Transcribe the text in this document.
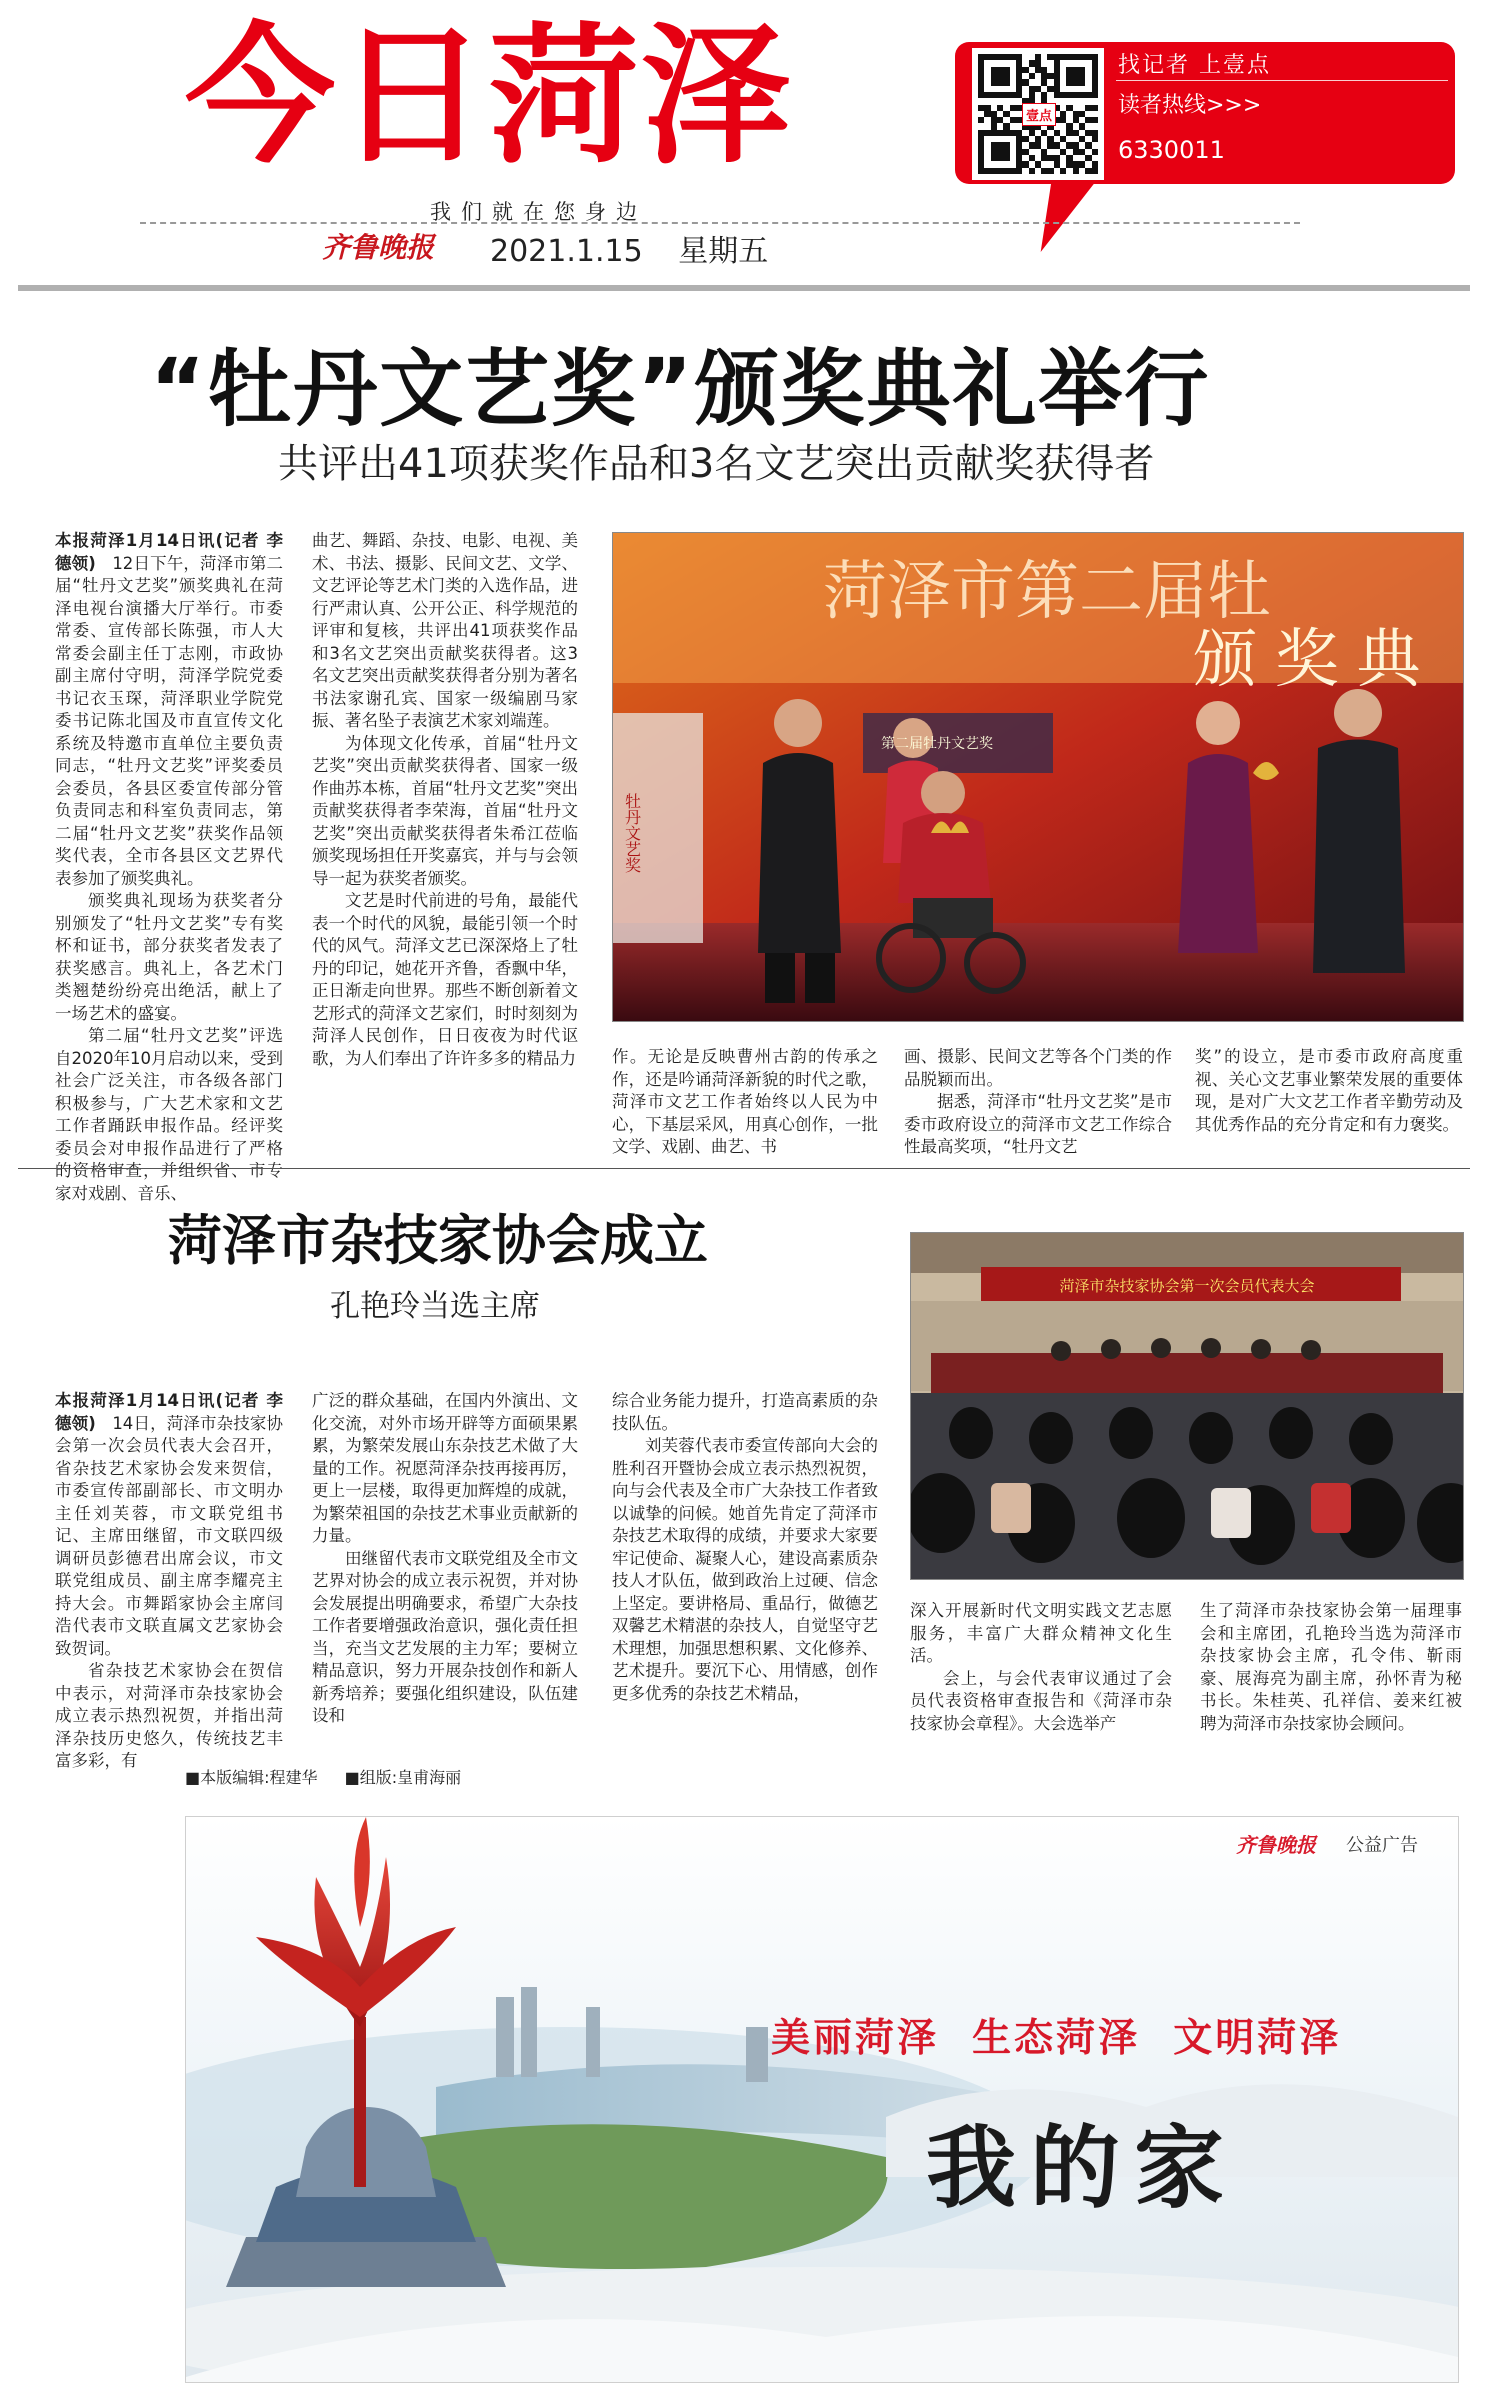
今日菏泽	壹点
找记者 上壹点
读者热线>>>
6330011
我们就在您身边
齐鲁晚报 2021.1.15 星期五
“牡丹文艺奖”颁奖典礼举行
共评出41项获奖作品和3名文艺突出贡献奖获得者

本报菏泽1月14日讯(记者 李德领) 12日下午，菏泽市第二届“牡丹文艺奖”颁奖典礼在菏泽电视台演播大厅举行。市委常委、宣传部长陈强，市人大常委会副主任丁志刚，市政协副主席付守明，菏泽学院党委书记衣玉琛，菏泽职业学院党委书记陈北国及市直宣传文化系统及特邀市直单位主要负责同志，“牡丹文艺奖”评奖委员会委员，各县区委宣传部分管负责同志和科室负责同志，第二届“牡丹文艺奖”获奖作品领奖代表，全市各县区文艺界代表参加了颁奖典礼。

颁奖典礼现场为获奖者分别颁发了“牡丹文艺奖”专有奖杯和证书，部分获奖者发表了获奖感言。典礼上，各艺术门类翘楚纷纷亮出绝活，献上了一场艺术的盛宴。

第二届“牡丹文艺奖”评选自2020年10月启动以来，受到社会广泛关注，市各级各部门积极参与，广大艺术家和文艺工作者踊跃申报作品。经评奖委员会对申报作品进行了严格的资格审查，并组织省、市专家对戏剧、音乐、

曲艺、舞蹈、杂技、电影、电视、美术、书法、摄影、民间文艺、文学、文艺评论等艺术门类的入选作品，进行严肃认真、公开公正、科学规范的评审和复核，共评出41项获奖作品和3名文艺突出贡献奖获得者。这3名文艺突出贡献奖获得者分别为著名书法家谢孔宾、国家一级编剧马家振、著名坠子表演艺术家刘端莲。

为体现文化传承，首届“牡丹文艺奖”突出贡献奖获得者、国家一级作曲苏本栋，首届“牡丹文艺奖”突出贡献奖获得者李荣海，首届“牡丹文艺奖”突出贡献奖获得者朱希江莅临颁奖现场担任开奖嘉宾，并与与会领导一起为获奖者颁奖。

文艺是时代前进的号角，最能代表一个时代的风貌，最能引领一个时代的风气。菏泽文艺已深深烙上了牡丹的印记，她花开齐鲁，香飘中华，正日渐走向世界。那些不断创新着文艺形式的菏泽文艺家们，时时刻刻为菏泽人民创作，日日夜夜为时代讴歌，为人们奉出了许许多多的精品力

菏泽市第二届牡
颁 奖 典
第二届牡丹文艺奖
牡丹文艺奖

作。无论是反映曹州古韵的传承之作，还是吟诵菏泽新貌的时代之歌，菏泽市文艺工作者始终以人民为中心，下基层采风，用真心创作，一批文学、戏剧、曲艺、书

画、摄影、民间文艺等各个门类的作品脱颖而出。

据悉，菏泽市“牡丹文艺奖”是市委市政府设立的菏泽市文艺工作综合性最高奖项，“牡丹文艺

奖”的设立，是市委市政府高度重视、关心文艺事业繁荣发展的重要体现，是对广大文艺工作者辛勤劳动及其优秀作品的充分肯定和有力褒奖。

菏泽市杂技家协会成立
孔艳玲当选主席
菏泽市杂技家协会第一次会员代表大会

本报菏泽1月14日讯(记者 李德领) 14日，菏泽市杂技家协会第一次会员代表大会召开，省杂技艺术家协会发来贺信，市委宣传部副部长、市文明办主任刘芙蓉，市文联党组书记、主席田继留，市文联四级调研员彭德君出席会议，市文联党组成员、副主席李耀亮主持大会。市舞蹈家协会主席闫浩代表市文联直属文艺家协会致贺词。

省杂技艺术家协会在贺信中表示，对菏泽市杂技家协会成立表示热烈祝贺，并指出菏泽杂技历史悠久，传统技艺丰富多彩，有

广泛的群众基础，在国内外演出、文化交流，对外市场开辟等方面硕果累累，为繁荣发展山东杂技艺术做了大量的工作。祝愿菏泽杂技再接再厉，更上一层楼，取得更加辉煌的成就，为繁荣祖国的杂技艺术事业贡献新的力量。

田继留代表市文联党组及全市文艺界对协会的成立表示祝贺，并对协会发展提出明确要求，希望广大杂技工作者要增强政治意识，强化责任担当，充当文艺发展的主力军；要树立精品意识，努力开展杂技创作和新人新秀培养；要强化组织建设，队伍建设和

综合业务能力提升，打造高素质的杂技队伍。

刘芙蓉代表市委宣传部向大会的胜利召开暨协会成立表示热烈祝贺，向与会代表及全市广大杂技工作者致以诚挚的问候。她首先肯定了菏泽市杂技艺术取得的成绩，并要求大家要牢记使命、凝聚人心，建设高素质杂技人才队伍，做到政治上过硬、信念上坚定。要讲格局、重品行，做德艺双馨艺术精湛的杂技人，自觉坚守艺术理想，加强思想积累、文化修养、艺术提升。要沉下心、用情感，创作更多优秀的杂技艺术精品，

深入开展新时代文明实践文艺志愿服务，丰富广大群众精神文化生活。

会上，与会代表审议通过了会员代表资格审查报告和《菏泽市杂技家协会章程》。大会选举产

生了菏泽市杂技家协会第一届理事会和主席团，孔艳玲当选为菏泽市杂技家协会主席，孔令伟、靳雨豪、展海亮为副主席，孙怀青为秘书长。朱桂英、孔祥信、姜来红被聘为菏泽市杂技家协会顾问。

■本版编辑:程建华 ■组版:皇甫海丽
齐鲁晚报 公益广告
美丽菏泽  生态菏泽  文明菏泽
我的家
